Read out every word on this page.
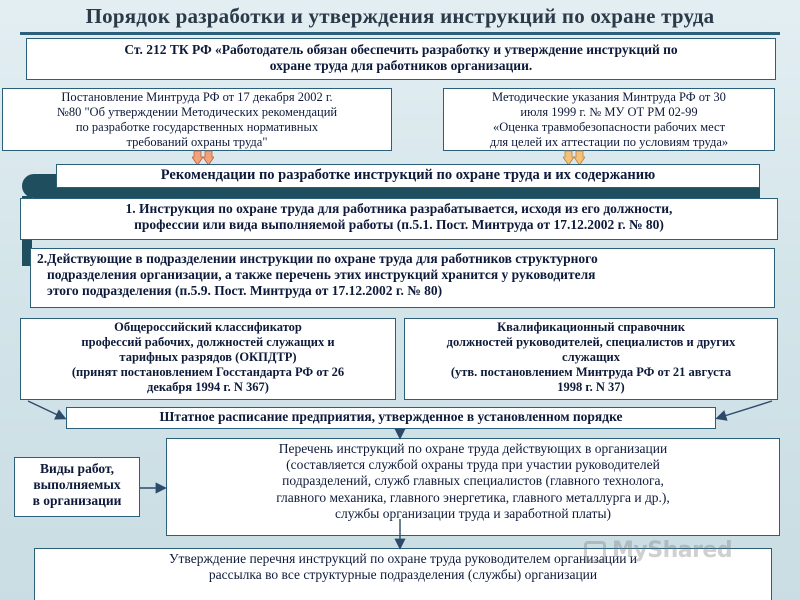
Порядок разработки и утверждения инструкций по охране труда
Ст. 212 ТК РФ «Работодатель обязан обеспечить разработку и утверждение инструкций по
охране труда для работников организации.
Постановление Минтруда РФ от 17 декабря 2002 г.
№80 "Об утверждении Методических рекомендаций
по разработке государственных нормативных
требований охраны труда"
Методические указания Минтруда РФ от 30
июля 1999 г. № МУ ОТ РМ 02-99
«Оценка травмобезопасности рабочих мест
для целей их аттестации по условиям труда»
Рекомендации по разработке инструкций по охране труда и их содержанию
1. Инструкция по охране труда для работника разрабатывается, исходя из его должности,
профессии или вида выполняемой работы (п.5.1. Пост. Минтруда от 17.12.2002 г. № 80)
2.Действующие в подразделении инструкции по охране труда для работников структурного
подразделения организации, а также перечень этих инструкций хранится у руководителя
этого подразделения (п.5.9. Пост. Минтруда от 17.12.2002 г. № 80)
Общероссийский классификатор
профессий рабочих, должностей служащих и
тарифных разрядов (ОКПДТР)
(принят постановлением Госстандарта РФ от 26
декабря 1994 г. N 367)
Квалификационный справочник
должностей руководителей, специалистов и других
служащих
(утв. постановлением Минтруда РФ от 21 августа
1998 г. N 37)
Штатное расписание предприятия, утвержденное в установленном порядке
Виды работ,
выполняемых
в организации
Перечень инструкций по охране труда действующих в организации
(составляется службой охраны труда при участии руководителей
подразделений, служб главных специалистов (главного технолога,
главного механика, главного энергетика, главного металлурга и др.),
службы организации труда и заработной платы)
Утверждение перечня инструкций по охране труда руководителем организации и
рассылка во все структурные подразделения (службы) организации
MyShared
